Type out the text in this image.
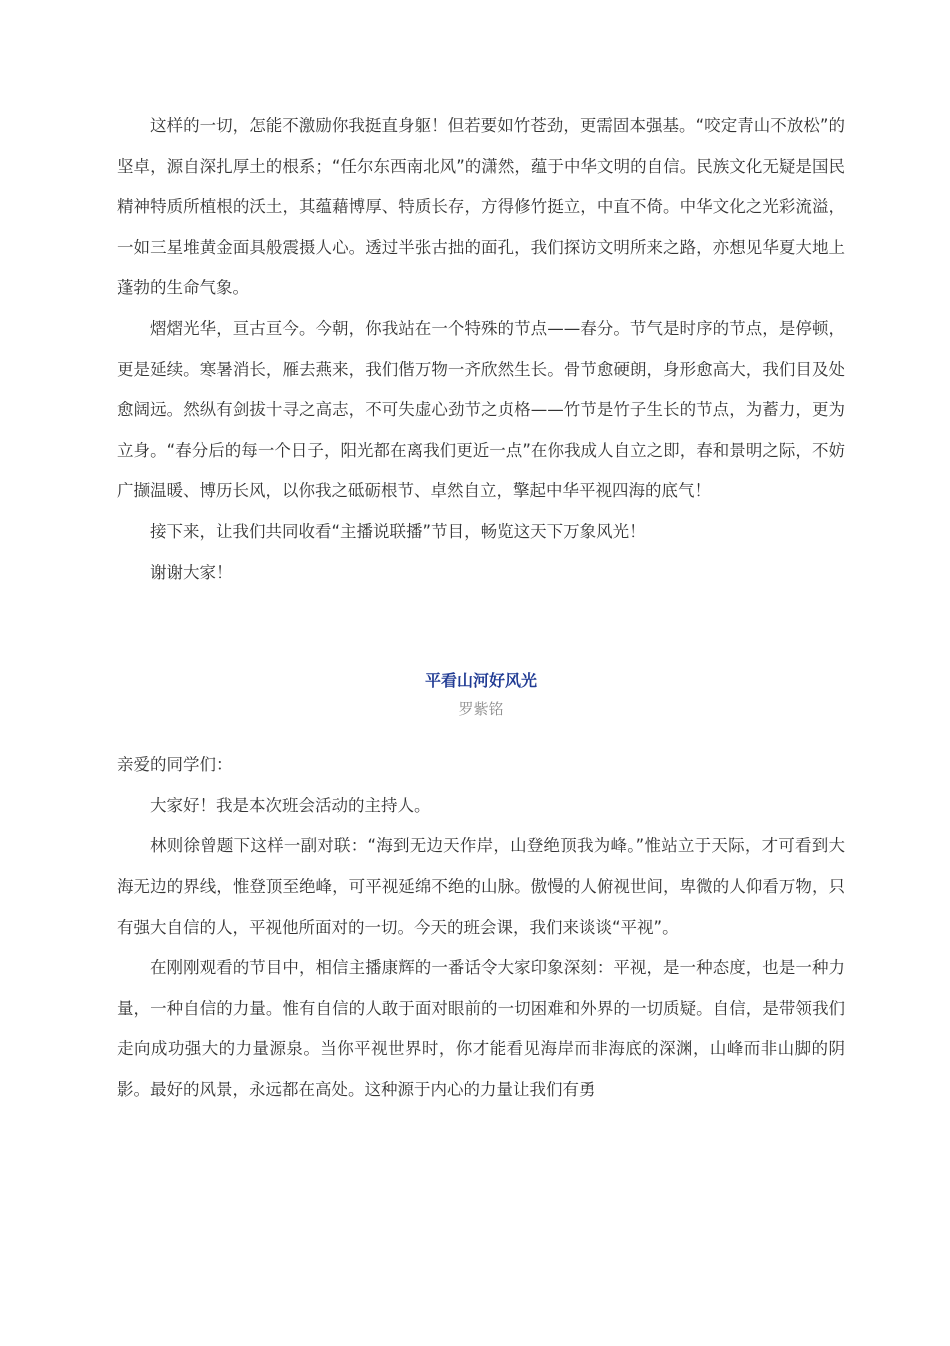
这样的一切，怎能不激励你我挺直身躯！但若要如竹苍劲，更需固本强基。“咬定青山不放松”的坚卓，源自深扎厚土的根系；“任尔东西南北风”的潇然，蕴于中华文明的自信。民族文化无疑是国民精神特质所植根的沃土，其蕴藉博厚、特质长存，方得修竹挺立，中直不倚。中华文化之光彩流溢，一如三星堆黄金面具般震摄人心。透过半张古拙的面孔，我们探访文明所来之路，亦想见华夏大地上蓬勃的生命气象。

熠熠光华，亘古亘今。今朝，你我站在一个特殊的节点——春分。节气是时序的节点，是停顿，更是延续。寒暑消长，雁去燕来，我们偕万物一齐欣然生长。骨节愈硬朗，身形愈高大，我们目及处愈阔远。然纵有剑拔十寻之高志，不可失虚心劲节之贞格——竹节是竹子生长的节点，为蓄力，更为立身。“春分后的每一个日子，阳光都在离我们更近一点”在你我成人自立之即，春和景明之际，不妨广撷温暖、博历长风，以你我之砥砺根节、卓然自立，擎起中华平视四海的底气！

接下来，让我们共同收看“主播说联播”节目，畅览这天下万象风光！

谢谢大家！

平看山河好风光

罗紫铭

亲爱的同学们：

大家好！我是本次班会活动的主持人。

林则徐曾题下这样一副对联：“海到无边天作岸，山登绝顶我为峰。”惟站立于天际，才可看到大海无边的界线，惟登顶至绝峰，可平视延绵不绝的山脉。傲慢的人俯视世间，卑微的人仰看万物，只有强大自信的人，平视他所面对的一切。今天的班会课，我们来谈谈“平视”。

在刚刚观看的节目中，相信主播康辉的一番话令大家印象深刻：平视，是一种态度，也是一种力量，一种自信的力量。惟有自信的人敢于面对眼前的一切困难和外界的一切质疑。自信，是带领我们走向成功强大的力量源泉。当你平视世界时，你才能看见海岸而非海底的深渊，山峰而非山脚的阴影。最好的风景，永远都在高处。这种源于内心的力量让我们有勇
